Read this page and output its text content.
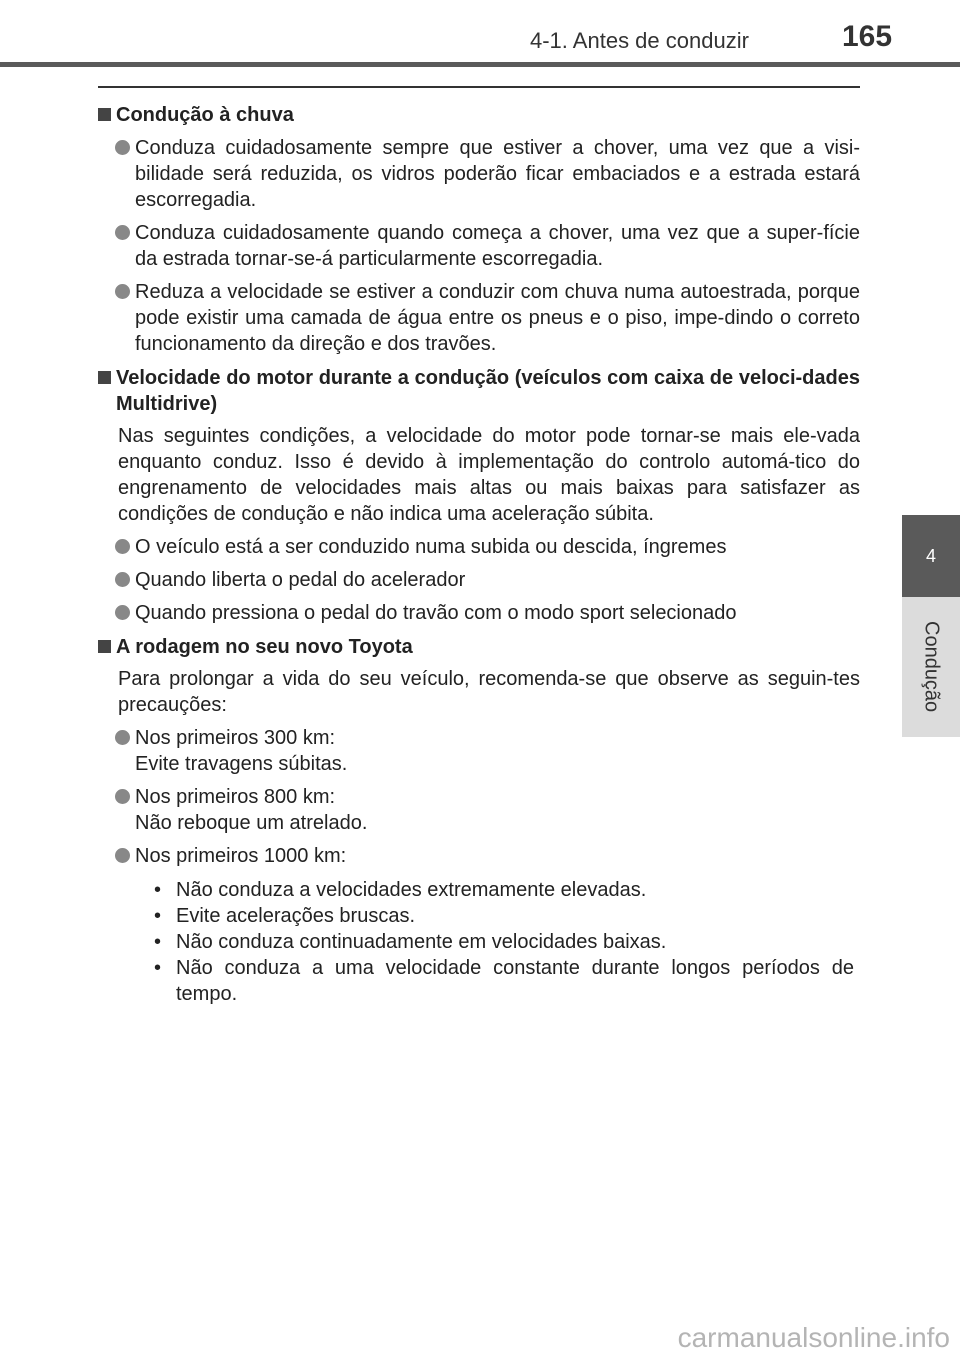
4-1. Antes de conduzir	165
4
Condução
Condução à chuva
Conduza cuidadosamente sempre que estiver a chover, uma vez que a visi-bilidade será reduzida, os vidros poderão ficar embaciados e a estrada estará escorregadia.
Conduza cuidadosamente quando começa a chover, uma vez que a super-fície da estrada tornar-se-á particularmente escorregadia.
Reduza a velocidade se estiver a conduzir com chuva numa autoestrada, porque pode existir uma camada de água entre os pneus e o piso, impe-dindo o correto funcionamento da direção e dos travões.
Velocidade do motor durante a condução (veículos com caixa de veloci-dades Multidrive)
Nas seguintes condições, a velocidade do motor pode tornar-se mais ele-vada enquanto conduz. Isso é devido à implementação do controlo automá-tico do engrenamento de velocidades mais altas ou mais baixas para satisfazer as condições de condução e não indica uma aceleração súbita.
O veículo está a ser conduzido numa subida ou descida, íngremes
Quando liberta o pedal do acelerador
Quando pressiona o pedal do travão com o modo sport selecionado
A rodagem no seu novo Toyota
Para prolongar a vida do seu veículo, recomenda-se que observe as seguin-tes precauções:
Nos primeiros 300 km:
Evite travagens súbitas.
Nos primeiros 800 km:
Não reboque um atrelado.
Nos primeiros 1000 km:
• Não conduza a velocidades extremamente elevadas.
• Evite acelerações bruscas.
• Não conduza continuadamente em velocidades baixas.
• Não conduza a uma velocidade constante durante longos períodos de tempo.
carmanualsonline.info
